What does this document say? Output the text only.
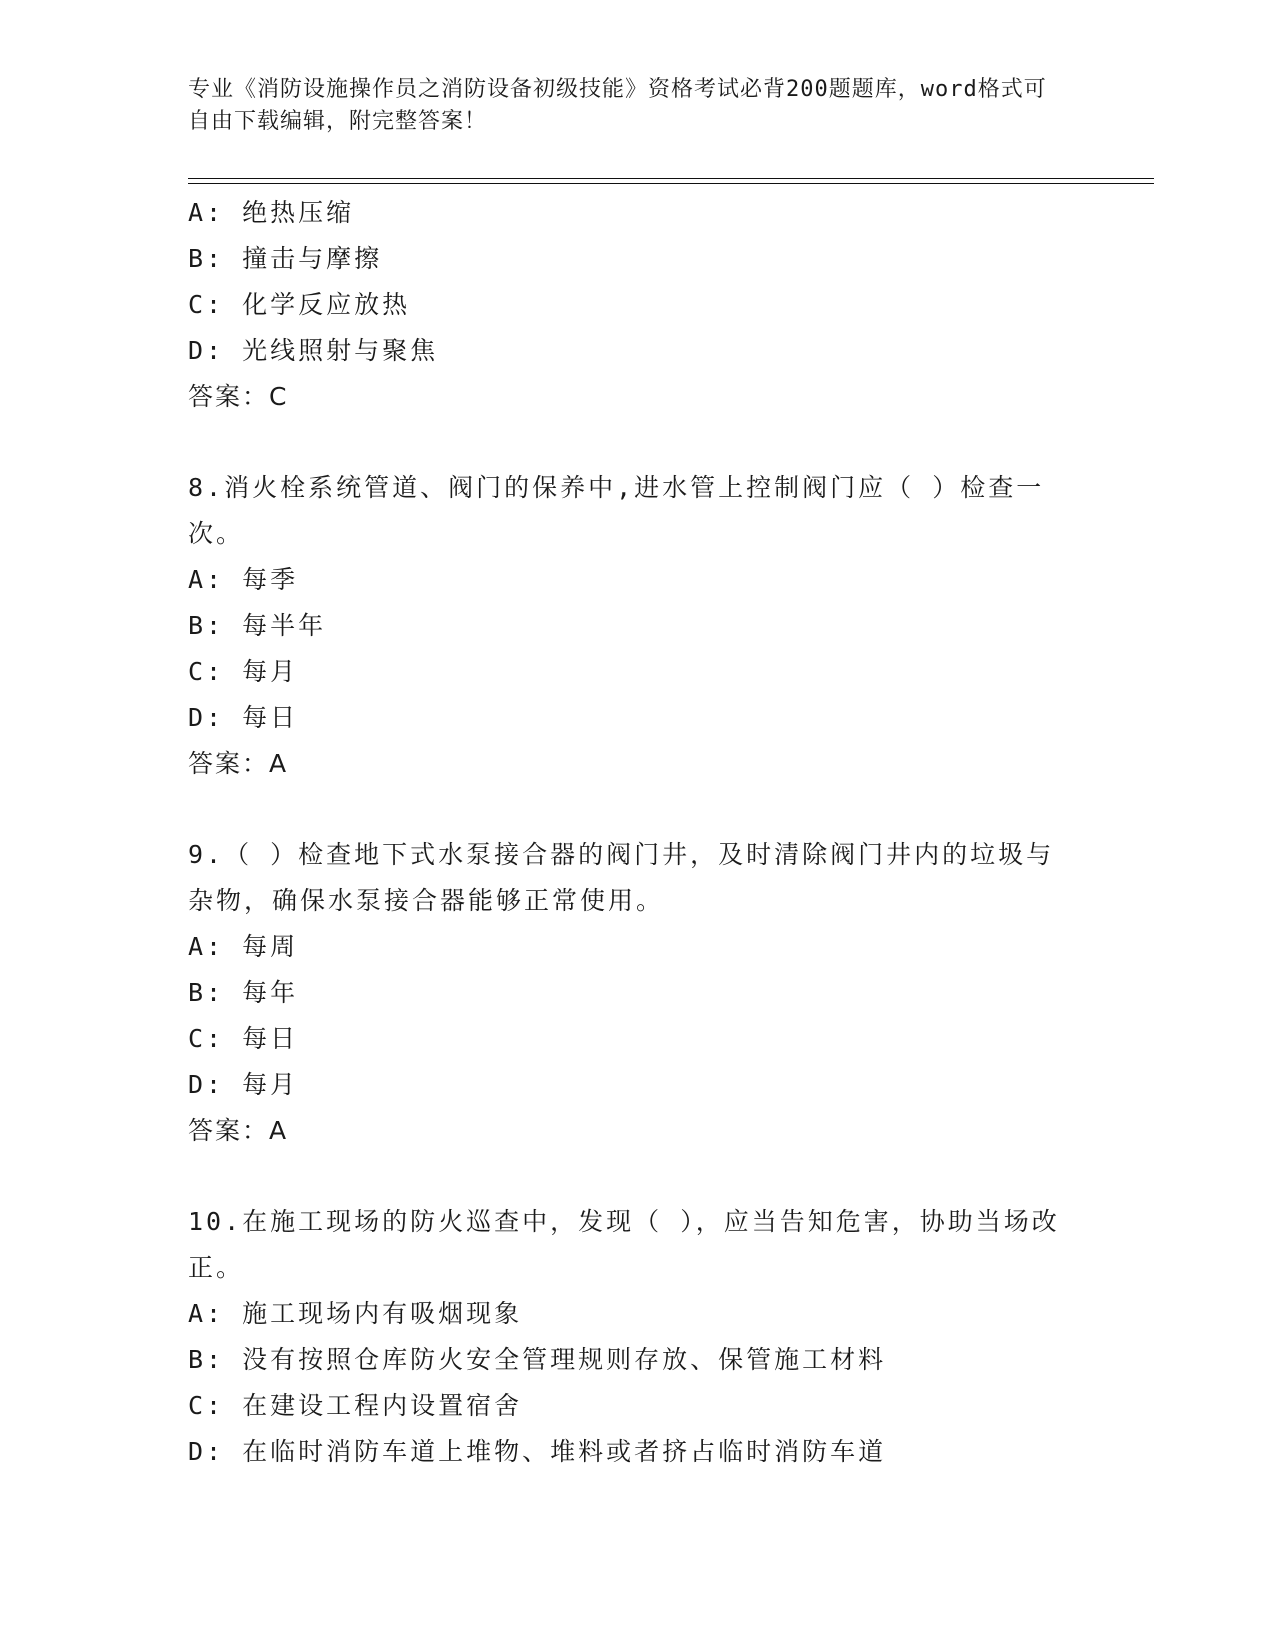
专业《消防设施操作员之消防设备初级技能》资格考试必背200题题库，word格式可自由下载编辑，附完整答案！
A: 绝热压缩
B: 撞击与摩擦
C: 化学反应放热
D: 光线照射与聚焦
答案：C
8.消火栓系统管道、阀门的保养中,进水管上控制阀门应（ ）检查一次。
A: 每季
B: 每半年
C: 每月
D: 每日
答案：A
9.（ ）检查地下式水泵接合器的阀门井，及时清除阀门井内的垃圾与杂物，确保水泵接合器能够正常使用。
A: 每周
B: 每年
C: 每日
D: 每月
答案：A
10.在施工现场的防火巡查中，发现（ ），应当告知危害，协助当场改正。
A: 施工现场内有吸烟现象
B: 没有按照仓库防火安全管理规则存放、保管施工材料
C: 在建设工程内设置宿舍
D: 在临时消防车道上堆物、堆料或者挤占临时消防车道
